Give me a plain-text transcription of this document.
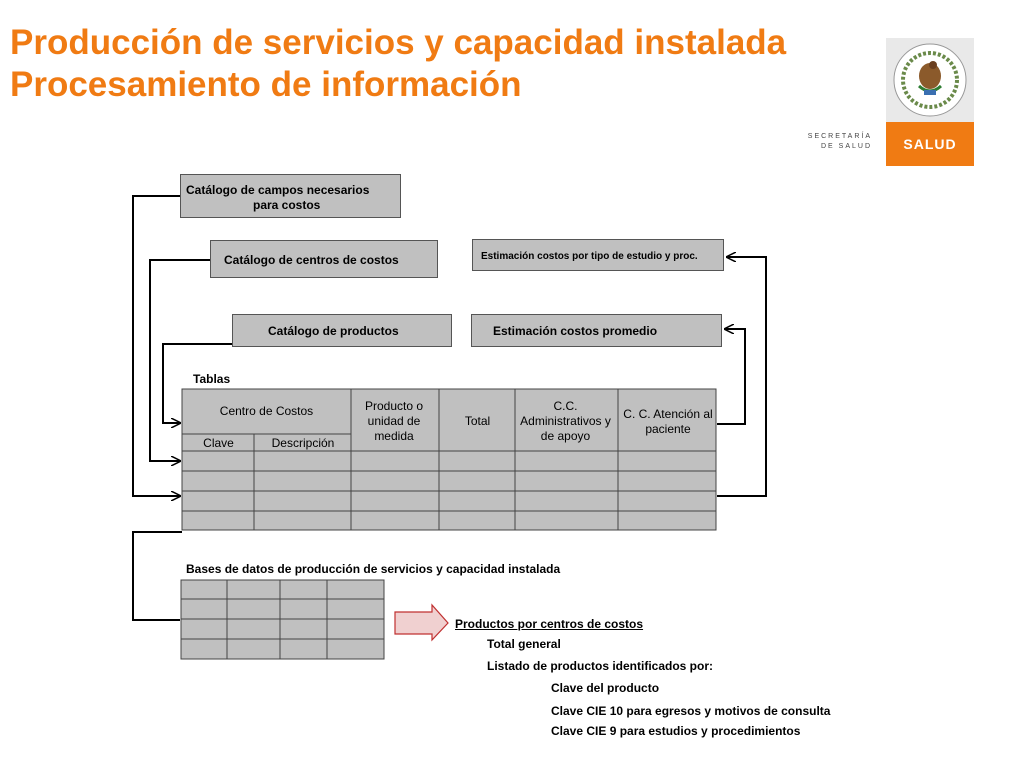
Producción de servicios y capacidad instalada
Procesamiento de información
SECRETARÍA
DE SALUD	SALUD
Catálogo de campos necesarios
para costos
Catálogo de centros de costos
Catálogo de productos
Estimación costos por tipo de estudio y proc.
Estimación costos promedio
Tablas
Centro de Costos
Clave	Descripción
Producto o unidad de medida
Total
C.C. Administrativos y de apoyo
C. C. Atención al paciente
Bases de datos de producción de servicios y capacidad instalada
Productos por centros de costos
Total general
Listado de productos identificados por:
Clave del producto
Clave CIE 10 para egresos y motivos de consulta
Clave CIE 9 para estudios y procedimientos
